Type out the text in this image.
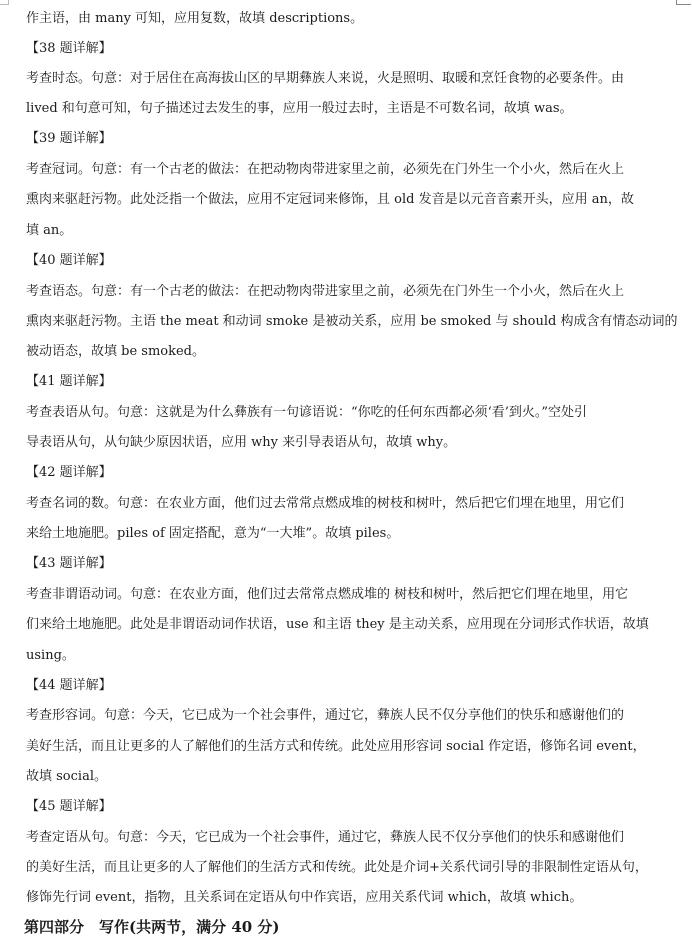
作主语，由 many 可知，应用复数，故填 descriptions。
【38 题详解】
考查时态。句意：对于居住在高海拔山区的早期彝族人来说，火是照明、取暖和烹饪食物的必要条件。由
lived 和句意可知，句子描述过去发生的事，应用一般过去时，主语是不可数名词，故填 was。
【39 题详解】
考查冠词。句意：有一个古老的做法：在把动物肉带进家里之前，必须先在门外生一个小火，然后在火上
熏肉来驱赶污物。此处泛指一个做法，应用不定冠词来修饰，且 old 发音是以元音音素开头，应用 an，故
填 an。
【40 题详解】
考查语态。句意：有一个古老的做法：在把动物肉带进家里之前，必须先在门外生一个小火，然后在火上
熏肉来驱赶污物。主语 the meat 和动词 smoke 是被动关系，应用 be smoked 与 should 构成含有情态动词的
被动语态，故填 be smoked。
【41 题详解】
考查表语从句。句意：这就是为什么彝族有一句谚语说：“你吃的任何东西都必须‘看’到火。”空处引
导表语从句，从句缺少原因状语，应用 why 来引导表语从句，故填 why。
【42 题详解】
考查名词的数。句意：在农业方面，他们过去常常点燃成堆的树枝和树叶，然后把它们埋在地里，用它们
来给土地施肥。piles of 固定搭配，意为“一大堆”。故填 piles。
【43 题详解】
考查非谓语动词。句意：在农业方面，他们过去常常点燃成堆的 树枝和树叶，然后把它们埋在地里，用它
们来给土地施肥。此处是非谓语动词作状语，use 和主语 they 是主动关系，应用现在分词形式作状语，故填
using。
【44 题详解】
考查形容词。句意：今天，它已成为一个社会事件，通过它，彝族人民不仅分享他们的快乐和感谢他们的
美好生活，而且让更多的人了解他们的生活方式和传统。此处应用形容词 social 作定语，修饰名词 event，
故填 social。
【45 题详解】
考查定语从句。句意：今天，它已成为一个社会事件，通过它，彝族人民不仅分享他们的快乐和感谢他们
的美好生活，而且让更多的人了解他们的生活方式和传统。此处是介词+关系代词引导的非限制性定语从句，
修饰先行词 event，指物，且关系词在定语从句中作宾语，应用关系代词 which，故填 which。
第四部分　写作(共两节，满分 40 分)
